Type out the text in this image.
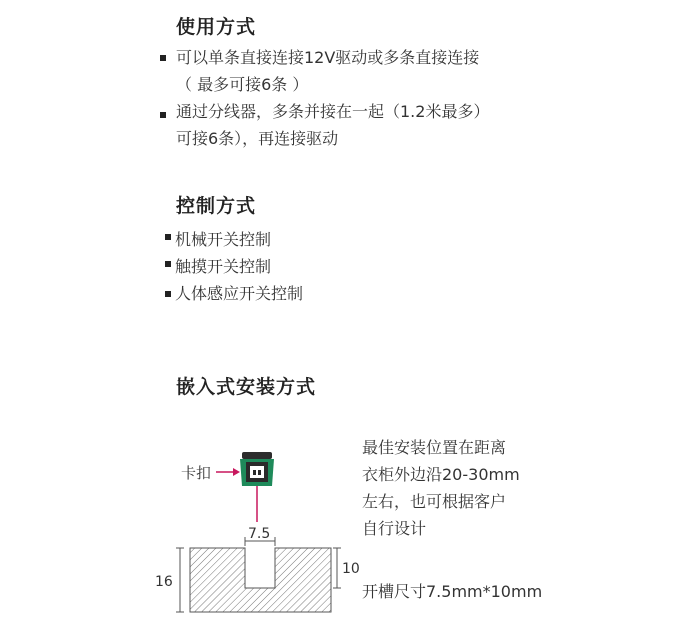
使用方式
可以单条直接连接12V驱动或多条直接连接
（ 最多可接6条 ）
通过分线器，多条并接在一起（1.2米最多）
可接6条），再连接驱动
控制方式
机械开关控制
触摸开关控制
人体感应开关控制
嵌入式安装方式
最佳安装位置在距离
衣柜外边沿20-30mm
左右，也可根据客户
自行设计
开槽尺寸7.5mm*10mm
卡扣
7.5
10
16
